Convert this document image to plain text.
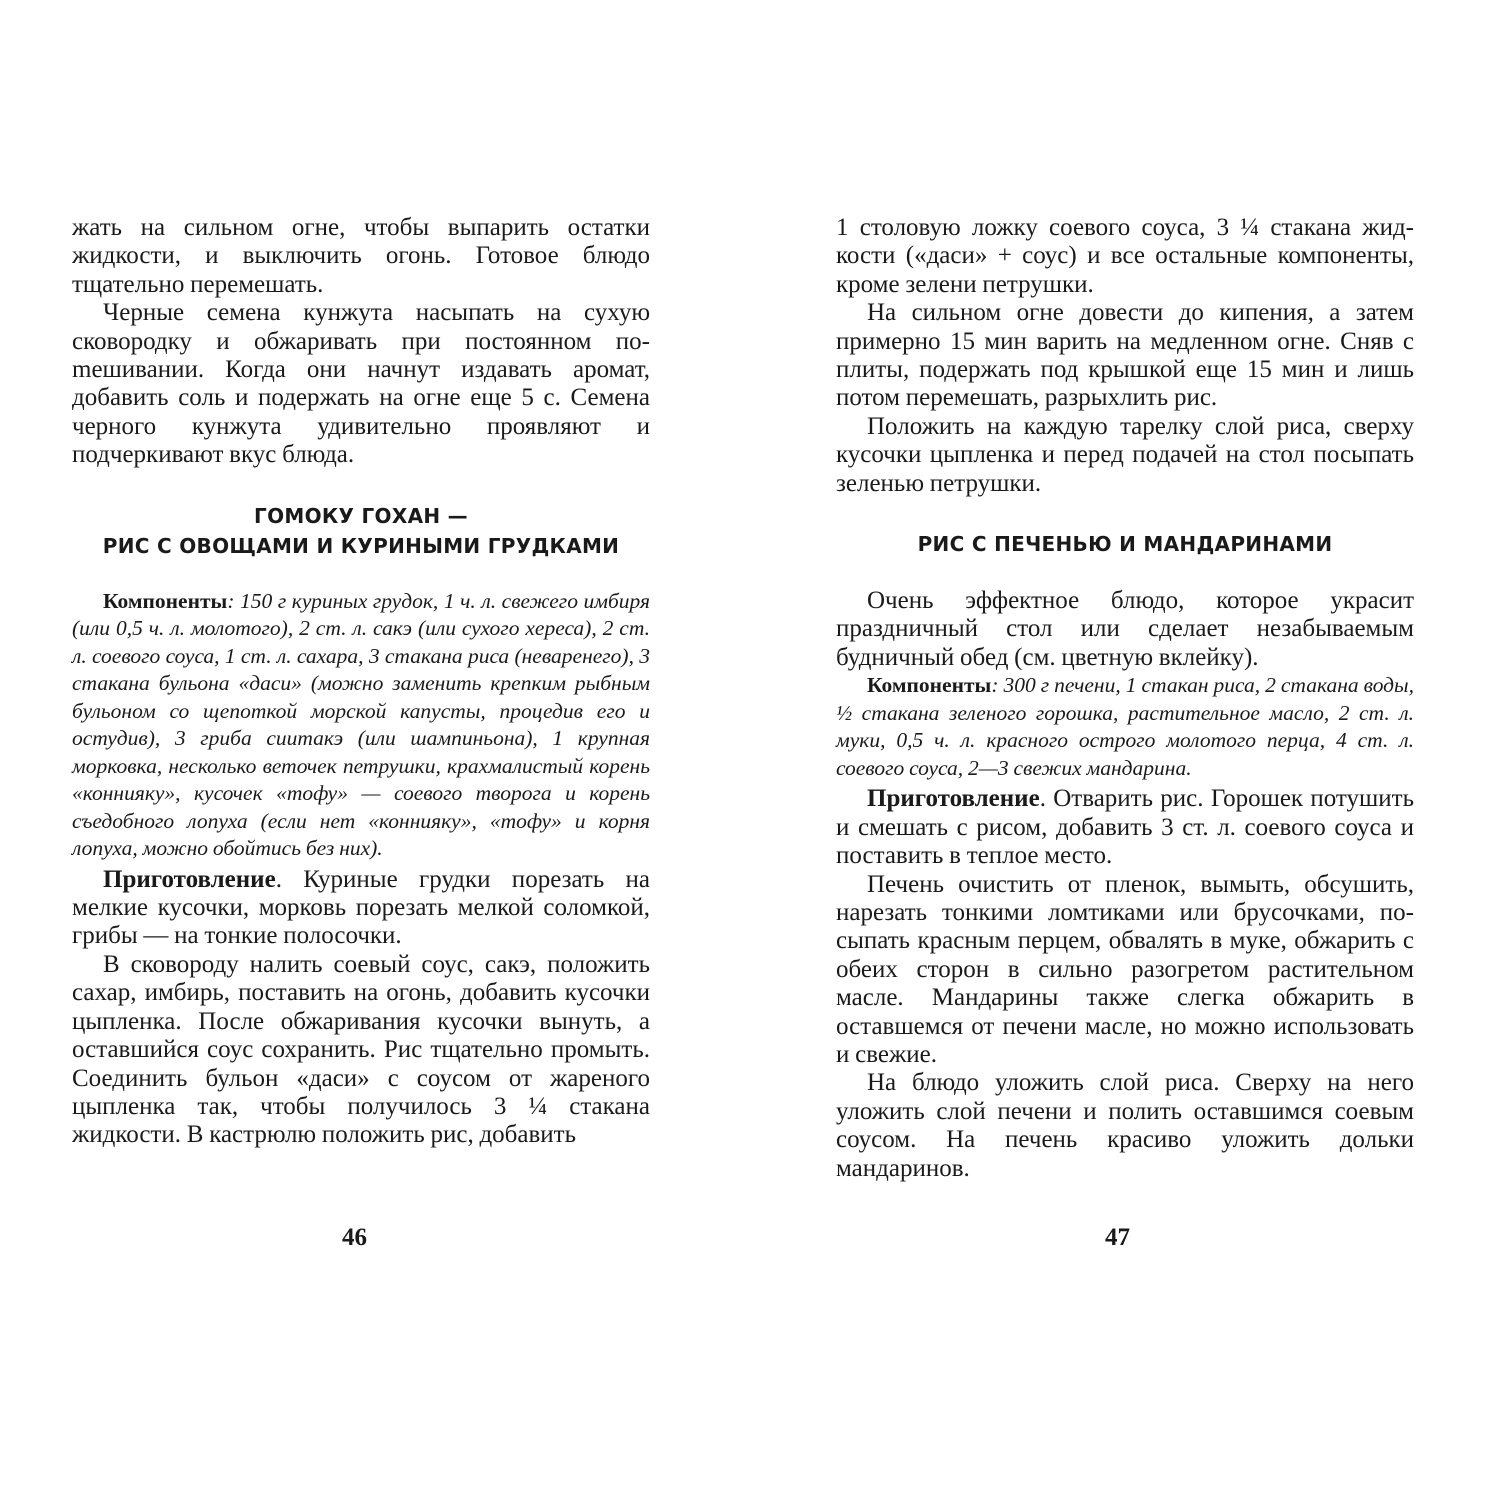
жать на сильном огне, чтобы выпарить остатки жидкости, и выключить огонь. Готовое блюдо тщательно перемешать.

Черные семена кунжута насыпать на сухую сковородку и обжаривать при постоянном поmешивании. Когда они начнут издавать аромат, добавить соль и подержать на огне еще 5 с. Семена черного кунжута удивительно проявляют и подчеркивают вкус блюда.

ГОМОКУ ГОХАН —
РИС С ОВОЩАМИ И КУРИНЫМИ ГРУДКАМИ

Компоненты: 150 г куриных грудок, 1 ч. л. свежего имбиря (или 0,5 ч. л. молотого), 2 ст. л. сакэ (или сухого хереса), 2 ст. л. соевого соуса, 1 ст. л. сахара, 3 стакана риса (неваренего), 3 стакана бульона «даси» (можно заменить крепким рыбным бульоном со щепоткой морской капусты, процедив его и остудив), 3 гриба сиитакэ (или шампиньона), 1 крупная морковка, несколько веточек петрушки, крахмалистый корень «коннияку», кусочек «тофу» — соевого творога и корень съедобного лопуха (если нет «коннияку», «тофу» и корня лопуха, можно обойтись без них).

Приготовление. Куриные грудки порезать на мелкие кусочки, морковь порезать мелкой соломкой, грибы — на тонкие полосочки.

В сковороду налить соевый соус, сакэ, положить сахар, имбирь, поставить на огонь, добавить кусочки цыпленка. После обжаривания кусочки вынуть, а оставшийся соус сохранить. Рис тщательно промыть. Соединить бульон «даси» с соусом от жареного цыпленка так, чтобы получилось 3 ¼ стакана жидкости. В кастрюлю положить рис, добавить

1 столовую ложку соевого соуса, 3 ¼ стакана жидкости («даси» + соус) и все остальные компоненты, кроме зелени петрушки.

На сильном огне довести до кипения, а затем примерно 15 мин варить на медленном огне. Сняв с плиты, подержать под крышкой еще 15 мин и лишь потом перемешать, разрыхлить рис.

Положить на каждую тарелку слой риса, сверху кусочки цыпленка и перед подачей на стол посыпать зеленью петрушки.

РИС С ПЕЧЕНЬЮ И МАНДАРИНАМИ

Очень эффектное блюдо, которое украсит праздничный стол или сделает незабываемым будничный обед (см. цветную вклейку).

Компоненты: 300 г печени, 1 стакан риса, 2 стакана воды, ½ стакана зеленого горошка, растительное масло, 2 ст. л. муки, 0,5 ч. л. красного острого молотого перца, 4 ст. л. соевого соуса, 2—3 свежих мандарина.

Приготовление. Отварить рис. Горошек потушить и смешать с рисом, добавить 3 ст. л. соевого соуса и поставить в теплое место.

Печень очистить от пленок, вымыть, обсушить, нарезать тонкими ломтиками или брусочками, посыпать красным перцем, обвалять в муке, обжарить с обеих сторон в сильно разогретом растительном масле. Мандарины также слегка обжарить в оставшемся от печени масле, но можно использовать и свежие.

На блюдо уложить слой риса. Сверху на него уложить слой печени и полить оставшимся соевым соусом. На печень красиво уложить дольки мандаринов.

46	47
